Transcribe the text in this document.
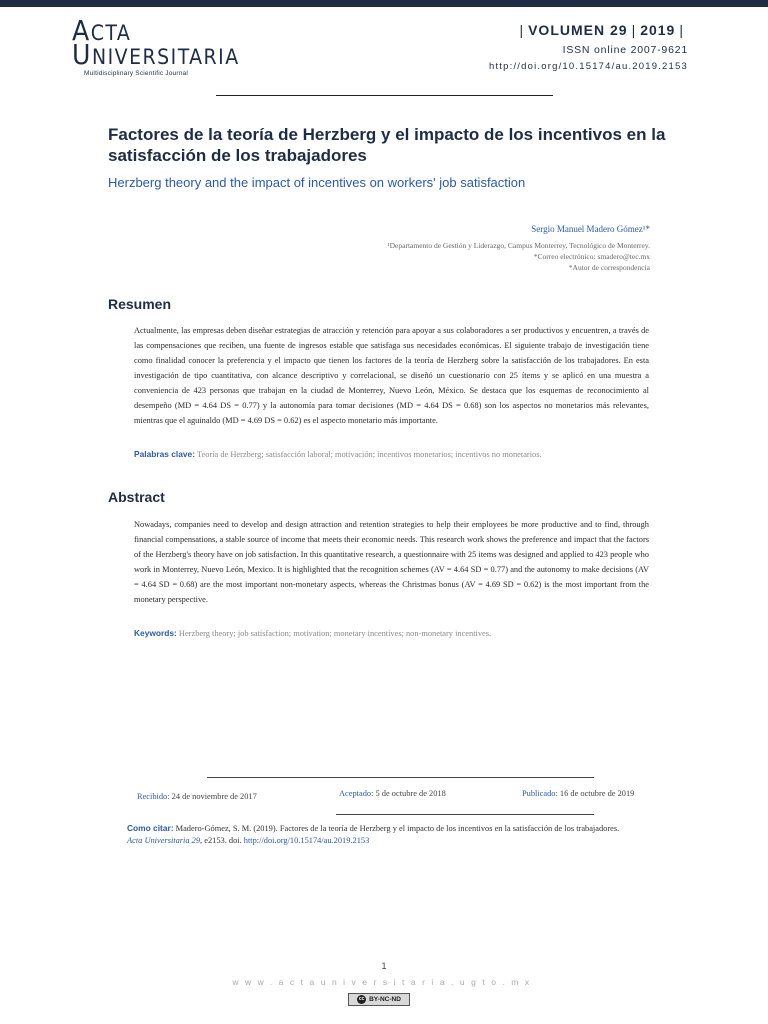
ACTA
UNIVERSITARIA
Multidisciplinary Scientific Journal
| VOLUMEN 29 | 2019 |
ISSN online 2007-9621
http://doi.org/10.15174/au.2019.2153
Factores de la teoría de Herzberg y el impacto de los incentivos en la satisfacción de los trabajadores
Herzberg theory and the impact of incentives on workers' job satisfaction
Sergio Manuel Madero Gómez¹*
¹Departamento de Gestión y Liderazgo, Campus Monterrey, Tecnológico de Monterrey.
*Correo electrónico: smadero@tec.mx
*Autor de correspondencia
Resumen
Actualmente, las empresas deben diseñar estrategias de atracción y retención para apoyar a sus colaboradores a ser productivos y encuentren, a través de las compensaciones que reciben, una fuente de ingresos estable que satisfaga sus necesidades económicas. El siguiente trabajo de investigación tiene como finalidad conocer la preferencia y el impacto que tienen los factores de la teoría de Herzberg sobre la satisfacción de los trabajadores. En esta investigación de tipo cuantitativa, con alcance descriptivo y correlacional, se diseñó un cuestionario con 25 ítems y se aplicó en una muestra a conveniencia de 423 personas que trabajan en la ciudad de Monterrey, Nuevo León, México. Se destaca que los esquemas de reconocimiento al desempeño (MD = 4.64 DS = 0.77) y la autonomía para tomar decisiones (MD = 4.64 DS = 0.68) son los aspectos no monetarios más relevantes, mientras que el aguinaldo (MD = 4.69 DS = 0.62) es el aspecto monetario más importante.
Palabras clave: Teoría de Herzberg; satisfacción laboral; motivación; incentivos monetarios; incentivos no monetarios.
Abstract
Nowadays, companies need to develop and design attraction and retention strategies to help their employees be more productive and to find, through financial compensations, a stable source of income that meets their economic needs. This research work shows the preference and impact that the factors of the Herzberg's theory have on job satisfaction. In this quantitative research, a questionnaire with 25 items was designed and applied to 423 people who work in Monterrey, Nuevo León, Mexico. It is highlighted that the recognition schemes (AV = 4.64 SD = 0.77) and the autonomy to make decisions (AV = 4.64 SD = 0.68) are the most important non-monetary aspects, whereas the Christmas bonus (AV = 4.69 SD = 0.62) is the most important from the monetary perspective.
Keywords: Herzberg theory; job satisfaction; motivation; monetary incentives; non-monetary incentives.
Recibido: 24 de noviembre de 2017	Aceptado: 5 de octubre de 2018	Publicado: 16 de octubre de 2019
Como citar: Madero-Gómez, S. M. (2019). Factores de la teoría de Herzberg y el impacto de los incentivos en la satisfacción de los trabajadores.
Acta Universitaria 29, e2153. doi. http://doi.org/10.15174/au.2019.2153
1
www.actauniversitaria.ugto.mx
cc BY-NC-ND
